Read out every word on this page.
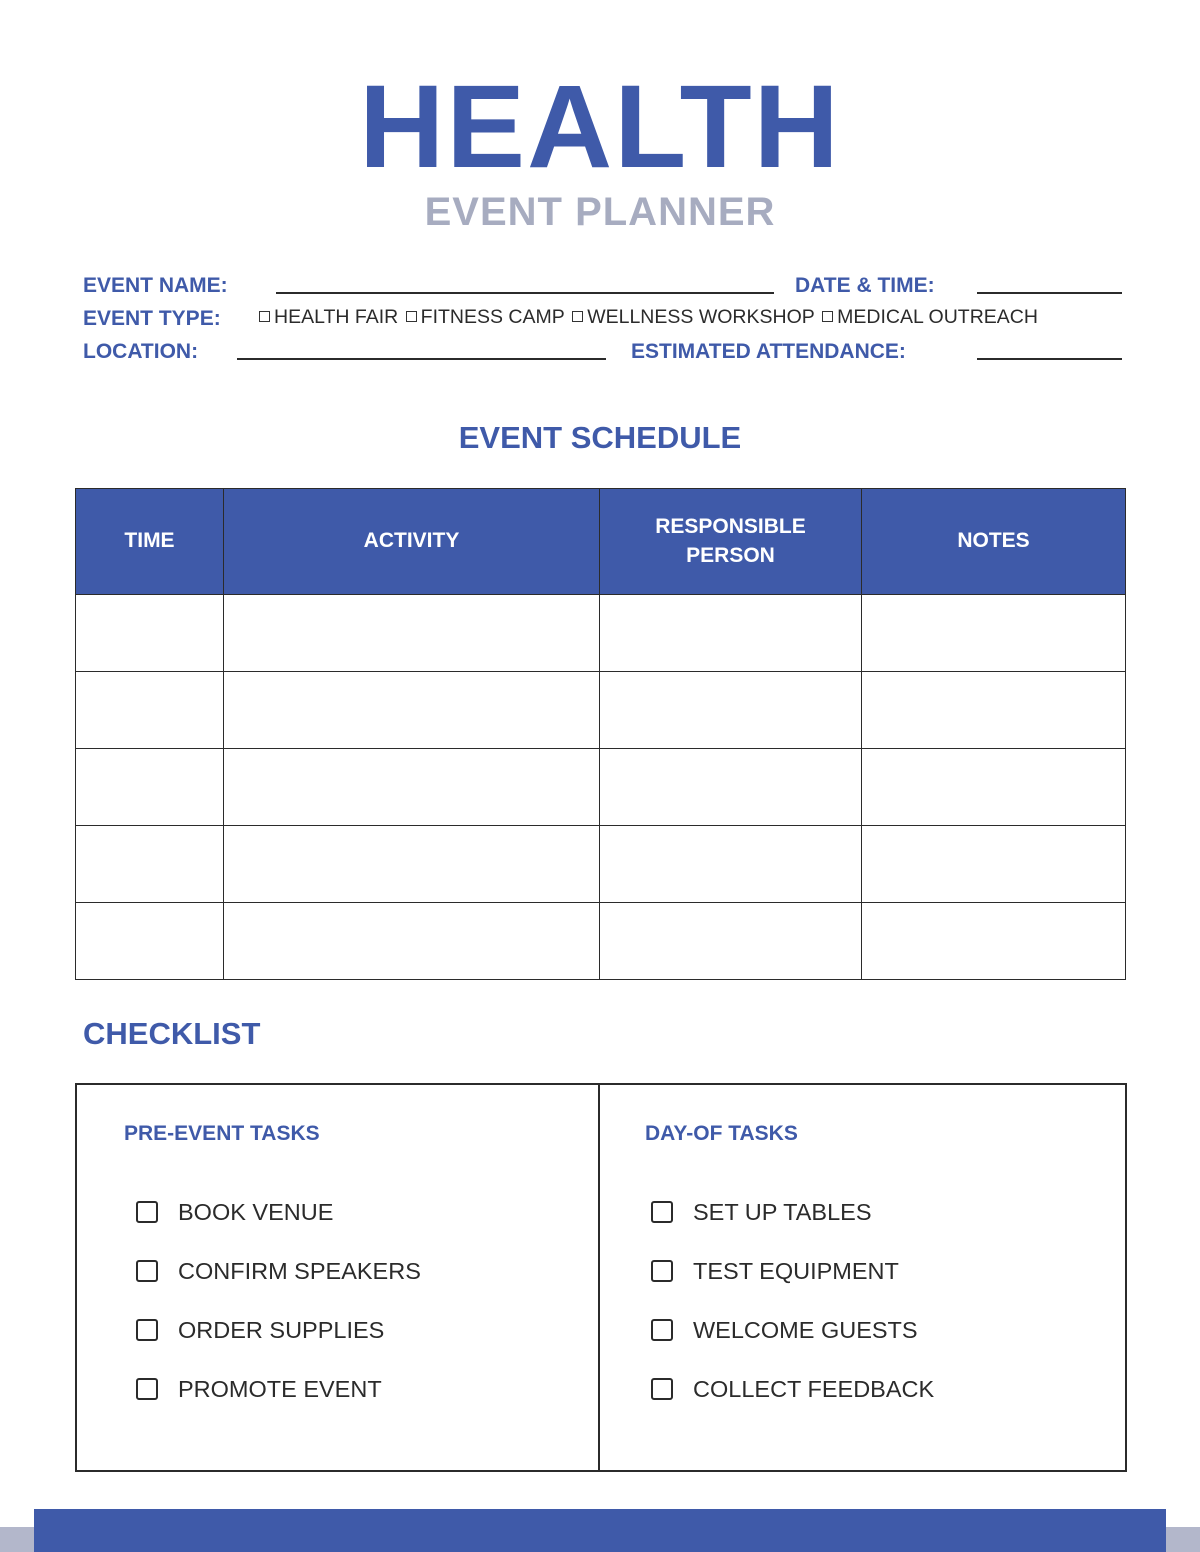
HEALTH
EVENT PLANNER
EVENT NAME:	DATE & TIME:
EVENT TYPE:	HEALTH FAIR FITNESS CAMP WELLNESS WORKSHOP MEDICAL OUTREACH
LOCATION:	ESTIMATED ATTENDANCE:
EVENT SCHEDULE
TIME	ACTIVITY	RESPONSIBLE PERSON	NOTES

CHECKLIST
PRE-EVENT TASKS
BOOK VENUE
CONFIRM SPEAKERS
ORDER SUPPLIES
PROMOTE EVENT
DAY-OF TASKS
SET UP TABLES
TEST EQUIPMENT
WELCOME GUESTS
COLLECT FEEDBACK
